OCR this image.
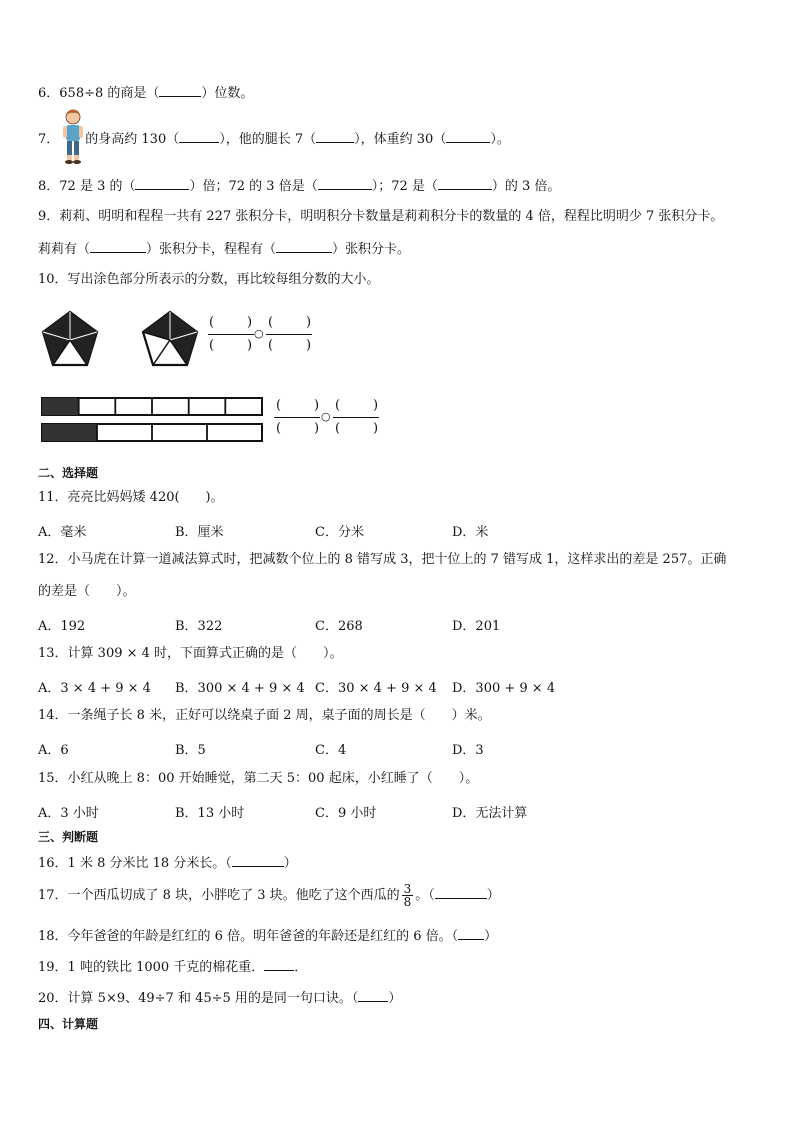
6．658÷8 的商是（	）位数。
7． 的身高约 130（	），他的腿长 7（	），体重约 30（	）。
8．72 是 3 的（	）倍；72 的 3 倍是（	）；72 是（	）的 3 倍。
9．莉莉、明明和程程一共有 227 张积分卡，明明积分卡数量是莉莉积分卡的数量的 4 倍，程程比明明少 7 张积分卡。
莉莉有（	）张积分卡，程程有（	）张积分卡。
10．写出涂色部分所表示的分数，再比较每组分数的大小。
(	)
(	)
○
(	)
(	)
(	)
(	)
○
(	)
(	)
二、选择题
11．亮亮比妈妈矮 420(　　)。
A．毫米	B．厘米	C．分米	D．米
12．小马虎在计算一道减法算式时，把减数个位上的 8 错写成 3，把十位上的 7 错写成 1，这样求出的差是 257。正确
的差是（　　）。
A．192	B．322	C．268	D．201
13．计算 309 × 4 时，下面算式正确的是（　　）。
A．3 × 4 + 9 × 4 B．300 × 4 + 9 × 4 C．30 × 4 + 9 × 4 D．300 + 9 × 4
14．一条绳子长 8 米，正好可以绕桌子面 2 周，桌子面的周长是（　　）米。
A．6	B．5	C．4	D．3
15．小红从晚上 8：00 开始睡觉，第二天 5：00 起床，小红睡了（　　）。
A．3 小时	B．13 小时	C．9 小时	D．无法计算
三、判断题
16．1 米 8 分米比 18 分米长。（	）
17．一个西瓜切成了 8 块，小胖吃了 3 块。他吃了这个西瓜的 $\frac{3}{8}$ 。（	）
18．今年爸爸的年龄是红红的 6 倍。明年爸爸的年龄还是红红的 6 倍。（ ）
19．1 吨的铁比 1000 千克的棉花重． ．
20．计算 5×9、49÷7 和 45÷5 用的是同一句口诀。（ ）
四、计算题
